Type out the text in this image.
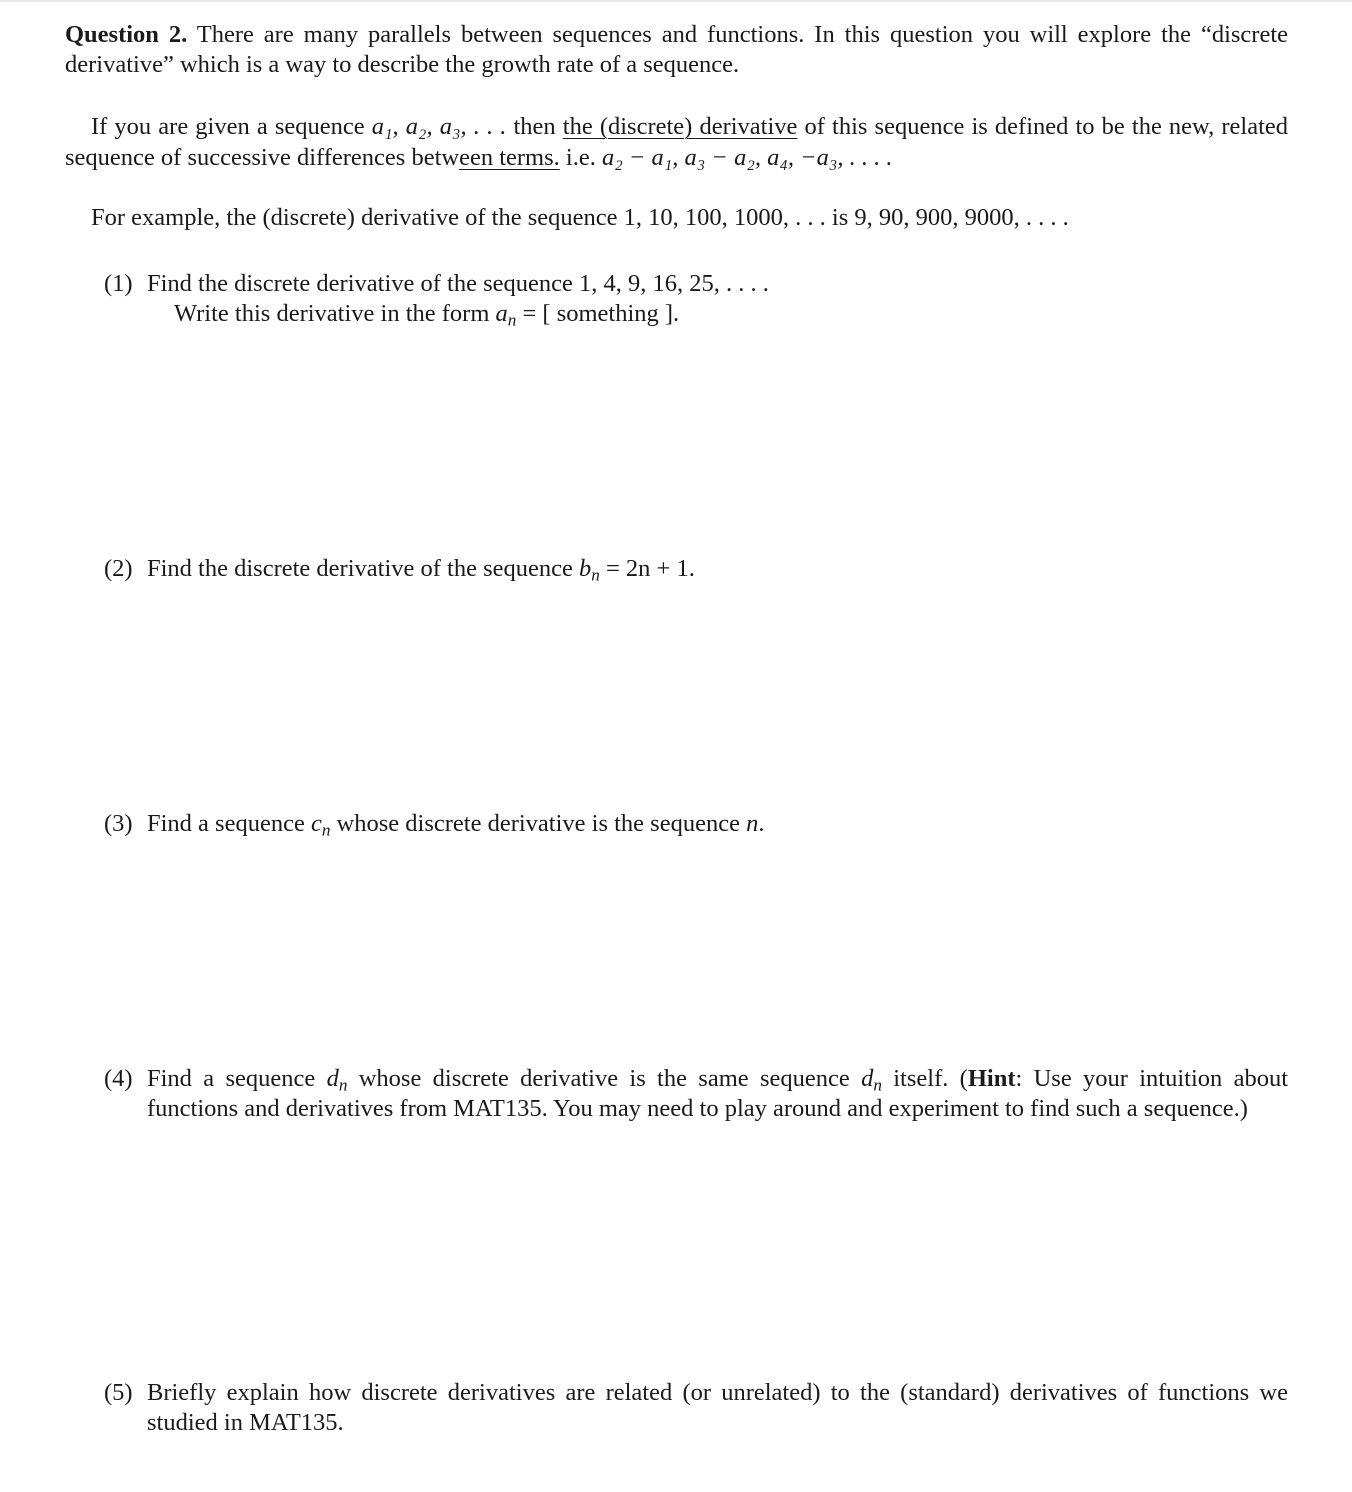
Question 2. There are many parallels between sequences and functions. In this question you will explore the “discrete derivative” which is a way to describe the growth rate of a sequence.

If you are given a sequence a₁, a₂, a₃, . . . then the (discrete) derivative of this sequence is defined to be the new, related sequence of successive differences between terms. i.e. a₂ − a₁, a₃ − a₂, a₄, −a₃, . . . .

For example, the (discrete) derivative of the sequence 1, 10, 100, 1000, . . . is 9, 90, 900, 9000, . . . .

(1) Find the discrete derivative of the sequence 1, 4, 9, 16, 25, . . . .
Write this derivative in the form $a_n$ = [ something ].
(2) Find the discrete derivative of the sequence $b_n = 2n + 1$.
(3) Find a sequence $c_n$ whose discrete derivative is the sequence n.
(4) Find a sequence $d_n$ whose discrete derivative is the same sequence $d_n$ itself. (Hint: Use your intuition about functions and derivatives from MAT135. You may need to play around and experiment to find such a sequence.)
(5) Briefly explain how discrete derivatives are related (or unrelated) to the (standard) derivatives of functions we studied in MAT135.
